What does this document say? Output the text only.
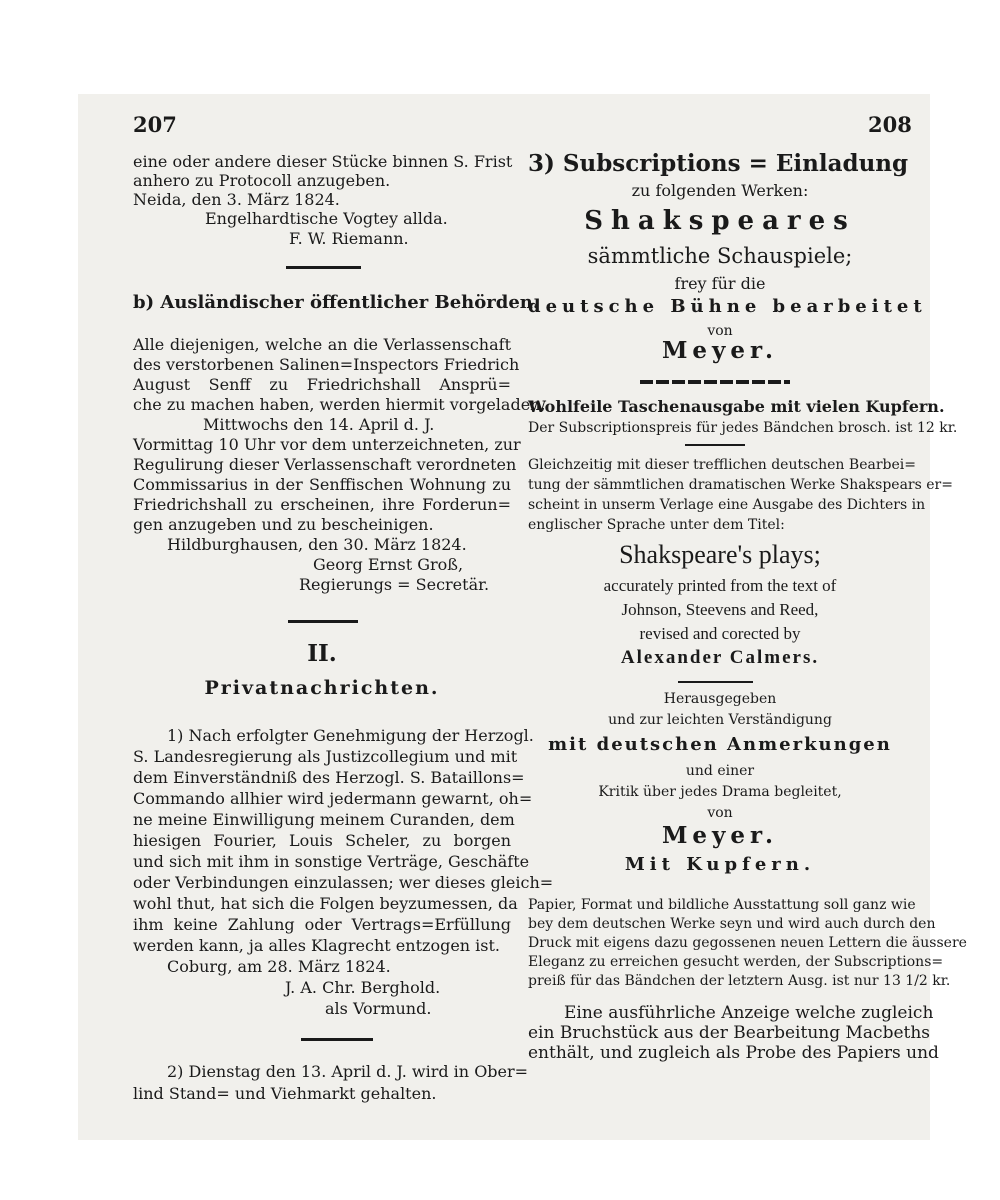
207	208
eine oder andere dieser Stücke binnen S. Frist
anhero zu Protocoll anzugeben.
Neida, den 3. März 1824.
Engelhardtische Vogtey allda.
F. W. Riemann.
b) Ausländischer öffentlicher Behörden.
Alle diejenigen, welche an die Verlassenschaft
des verstorbenen Salinen=Inspectors Friedrich
August Senff zu Friedrichshall Ansprü=
che zu machen haben, werden hiermit vorgeladen,
Mittwochs den 14. April d. J.
Vormittag 10 Uhr vor dem unterzeichneten, zur
Regulirung dieser Verlassenschaft verordneten
Commissarius in der Senffischen Wohnung zu
Friedrichshall zu erscheinen, ihre Forderun=
gen anzugeben und zu bescheinigen.
Hildburghausen, den 30. März 1824.
Georg Ernst Groß,
Regierungs = Secretär.
II.
Privatnachrichten.
1) Nach erfolgter Genehmigung der Herzogl.
S. Landesregierung als Justizcollegium und mit
dem Einverständniß des Herzogl. S. Bataillons=
Commando allhier wird jedermann gewarnt, oh=
ne meine Einwilligung meinem Curanden, dem
hiesigen Fourier, Louis Scheler, zu borgen
und sich mit ihm in sonstige Verträge, Geschäfte
oder Verbindungen einzulassen; wer dieses gleich=
wohl thut, hat sich die Folgen beyzumessen, da
ihm keine Zahlung oder Vertrags=Erfüllung
werden kann, ja alles Klagrecht entzogen ist.
Coburg, am 28. März 1824.
J. A. Chr. Berghold.
als Vormund.
2) Dienstag den 13. April d. J. wird in Ober=
lind Stand= und Viehmarkt gehalten.
3) Subscriptions = Einladung
zu folgenden Werken:
Shakspeares
sämmtliche Schauspiele;
frey für die
deutsche Bühne bearbeitet
von
Meyer.
Wohlfeile Taschenausgabe mit vielen Kupfern.
Der Subscriptionspreis für jedes Bändchen brosch. ist 12 kr.
Gleichzeitig mit dieser trefflichen deutschen Bearbei=
tung der sämmtlichen dramatischen Werke Shakspears er=
scheint in unserm Verlage eine Ausgabe des Dichters in
englischer Sprache unter dem Titel:
Shakspeare's plays;
accurately printed from the text of
Johnson, Steevens and Reed,
revised and corected by
Alexander Calmers.
Herausgegeben
und zur leichten Verständigung
mit deutschen Anmerkungen
und einer
Kritik über jedes Drama begleitet,
von
Meyer.
Mit Kupfern.
Papier, Format und bildliche Ausstattung soll ganz wie
bey dem deutschen Werke seyn und wird auch durch den
Druck mit eigens dazu gegossenen neuen Lettern die äussere
Eleganz zu erreichen gesucht werden, der Subscriptions=
preiß für das Bändchen der letztern Ausg. ist nur 13 1/2 kr.
Eine ausführliche Anzeige welche zugleich
ein Bruchstück aus der Bearbeitung Macbeths
enthält, und zugleich als Probe des Papiers und
